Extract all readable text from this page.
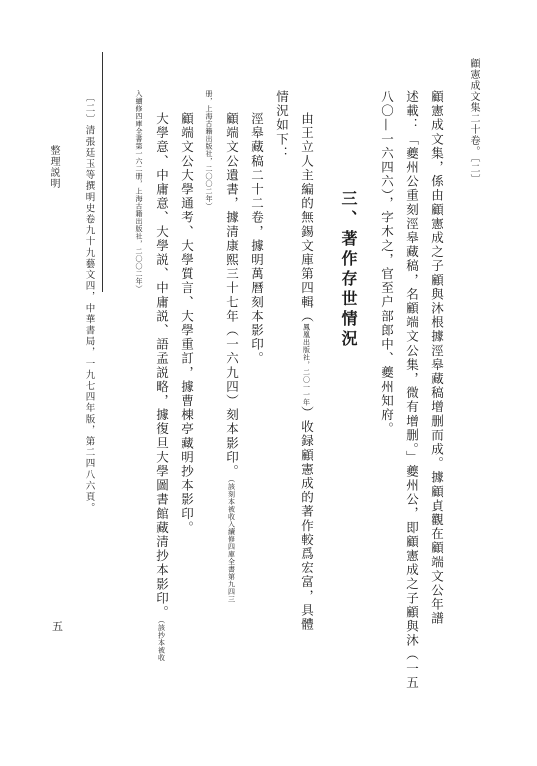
顧憲成文集二十卷。〔二〕

顧憲成文集，係由顧憲成之子顧與沐根據涇皋藏稿增删而成。據顧貞觀在顧端文公年譜

述載：「夔州公重刻涇皋藏稿，名顧端文公集，微有增删。」夔州公，即顧憲成之子顧與沐（一五

八〇—一六四六），字木之，官至户部郎中、夔州知府。

三、著作存世情況

由王立人主編的無錫文庫第四輯（鳳凰出版社，二〇一一年）收録顧憲成的著作較爲宏富，具體

情況如下：

涇皋藏稿二十二卷，據明萬曆刻本影印。

顧端文公遺書，據清康熙三十七年（一六九四）刻本影印。（該刻本被收入續修四庫全書第九四三

册，上海古籍出版社，二〇〇二年）

顧端文公大學通考、大學質言、大學重訂，據曹棟亭藏明抄本影印。

大學意、中庸意、大學説、中庸説、語孟説略，據復旦大學圖書館藏清抄本影印。（該抄本被收

入續修四庫全書第一六二册，上海古籍出版社，二〇〇二年）

〔二〕清張廷玉等撰明史卷九十九藝文四，中華書局，一九七四年版，第二四八六頁。

整理説明

五
